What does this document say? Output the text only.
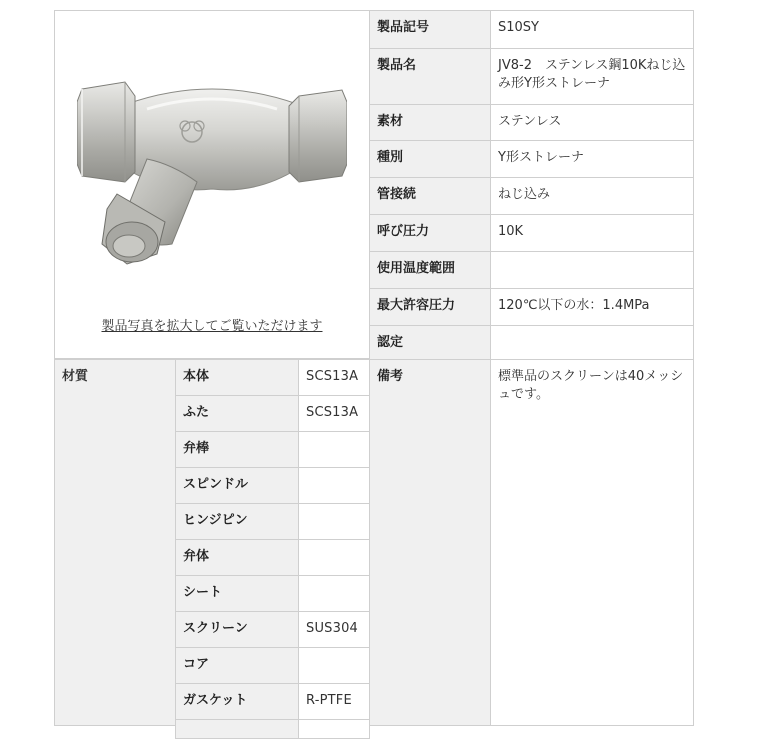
製品写真を拡大してご覧いただけます
製品記号	S10SY
製品名	JV8-2　ステンレス鋼10Kねじ込み形Y形ストレーナ
素材	ステンレス
種別	Y形ストレーナ
管接続	ねじ込み
呼び圧力	10K
使用温度範囲
最大許容圧力	120℃以下の水：1.4MPa
認定
材質	本体	SCS13A
ふた	SCS13A
弁棒
スピンドル
ヒンジピン
弁体
シート
スクリーン	SUS304
コア
ガスケット	R-PTFE
備考	標準品のスクリーンは40メッシュです。
